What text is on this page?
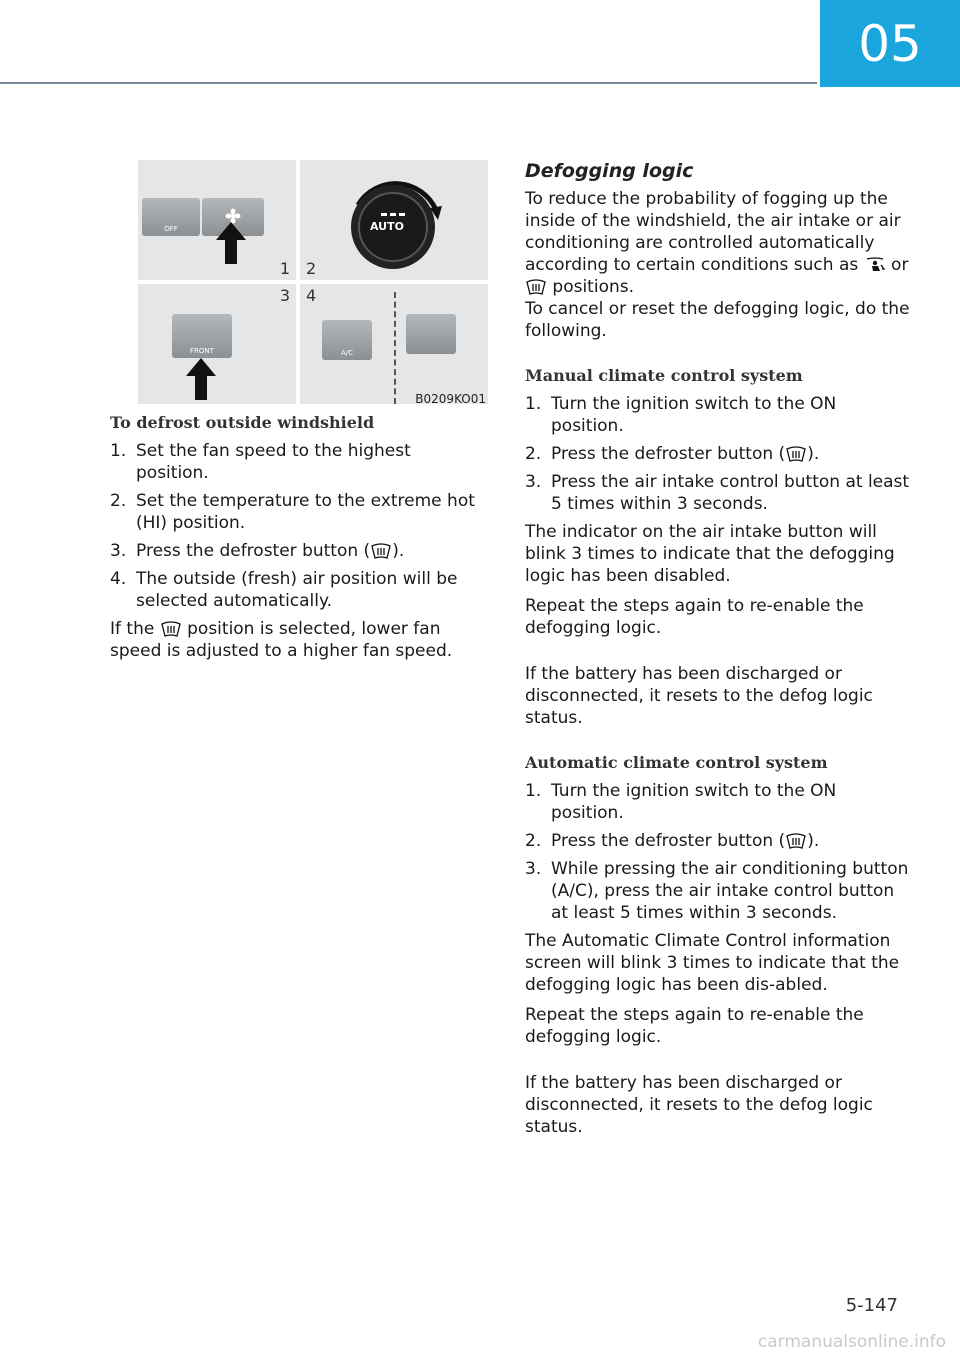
05
OFF
1
AUTO
2
3
FRONT
4
A/C
B0209KO01
To defrost outside windshield
1. Set the fan speed to the highest position.
2. Set the temperature to the extreme hot (HI) position.
3. Press the defroster button ( ).
4. The outside (fresh) air position will be selected automatically.

If the position is selected, lower fan speed is adjusted to a higher fan speed.

Defogging logic

To reduce the probability of fogging up the inside of the windshield, the air intake or air conditioning are controlled automatically according to certain conditions such as or  positions.
To cancel or reset the defogging logic, do the following.

Manual climate control system
1. Turn the ignition switch to the ON position.
2. Press the defroster button ( ).
3. Press the air intake control button at least 5 times within 3 seconds.

The indicator on the air intake button will blink 3 times to indicate that the defogging logic has been disabled.

Repeat the steps again to re-enable the defogging logic.

If the battery has been discharged or disconnected, it resets to the defog logic status.

Automatic climate control system
1. Turn the ignition switch to the ON position.
2. Press the defroster button ( ).
3. While pressing the air conditioning button (A/C), press the air intake control button at least 5 times within 3 seconds.

The Automatic Climate Control information screen will blink 3 times to indicate that the defogging logic has been dis-abled.

Repeat the steps again to re-enable the defogging logic.

If the battery has been discharged or disconnected, it resets to the defog logic status.

5-147
carmanualsonline.info
